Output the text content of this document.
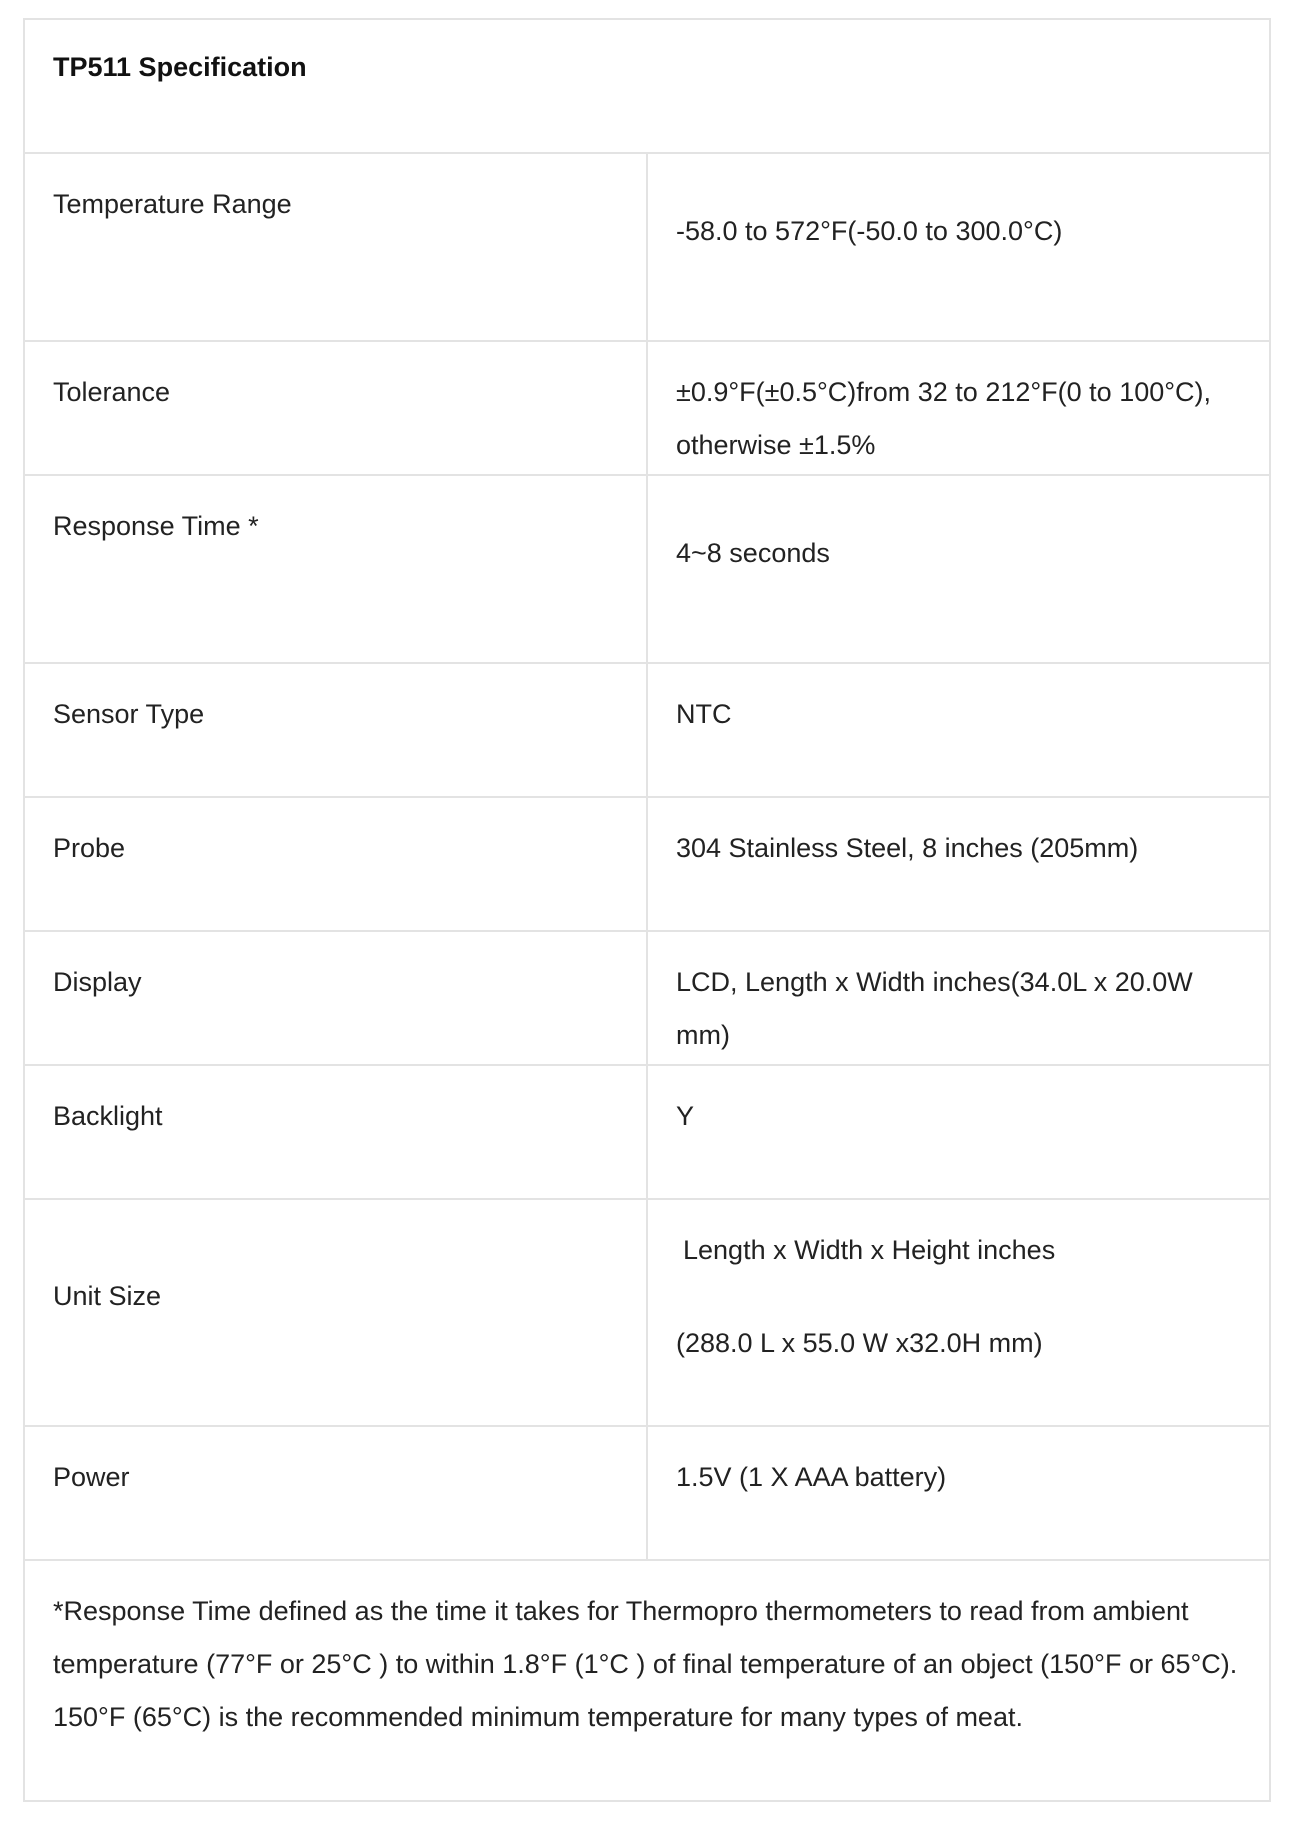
TP511 Specification	
Temperature Range	-58.0 to 572°F(-50.0 to 300.0°C)
Tolerance	±0.9°F(±0.5°C)from 32 to 212°F(0 to 100°C), otherwise ±1.5%
Response Time *	4~8 seconds
Sensor Type	NTC
Probe	304 Stainless Steel, 8 inches (205mm)
Display	LCD, Length x Width inches(34.0L x 20.0W mm)
Backlight	Y
Unit Size	Length x Width x Height inches
(288.0 L x 55.0 W x32.0H mm)

Power	1.5V (1 X AAA battery)
*Response Time defined as the time it takes for Thermopro thermometers to read from ambient temperature (77°F or 25°C ) to within 1.8°F (1°C ) of final temperature of an object (150°F or 65°C). 150°F (65°C) is the recommended minimum temperature for many types of meat.	
